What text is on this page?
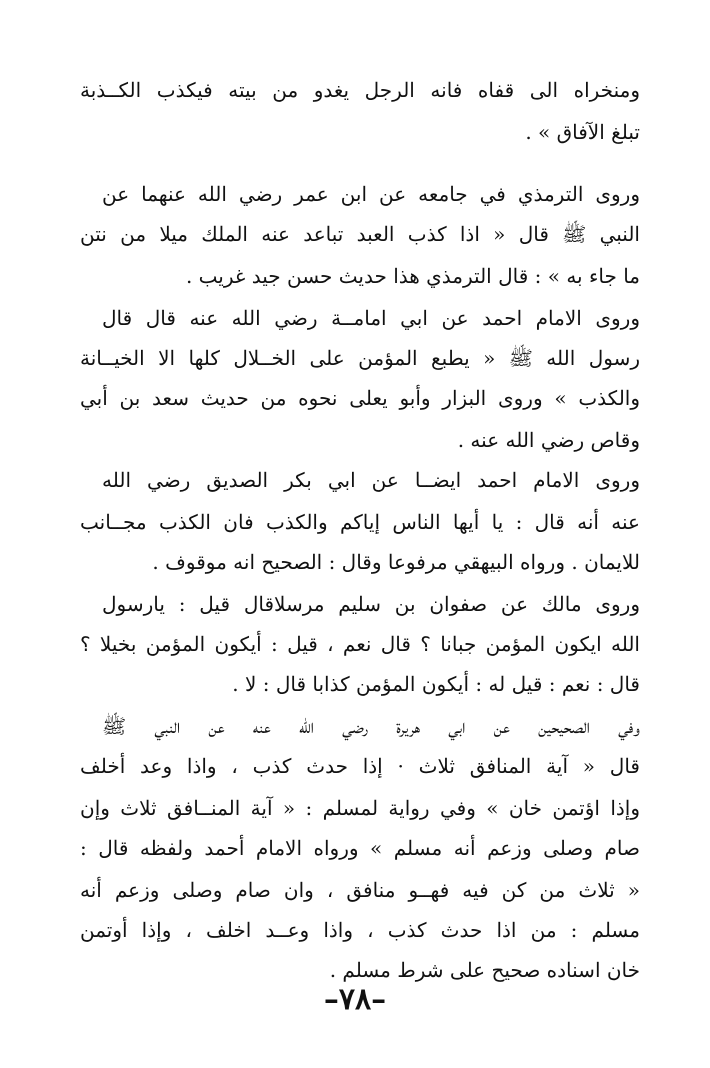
ومنخراه الى قفاه فانه الرجل يغدو من بيته فيكذب الكــذبة
تبلغ الآفاق » .
وروى الترمذي في جامعه عن ابن عمر رضي الله عنهما عن
النبي ﷺ قال « اذا كذب العبد تباعد عنه الملك ميلا من نتن
ما جاء به » : قال الترمذي هذا حديث حسن جيد غريب .
وروى الامام احمد عن ابي امامــة رضي الله عنه قال قال
رسول الله ﷺ « يطبع المؤمن على الخــلال كلها الا الخيــانة
والكذب » وروى البزار وأبو يعلى نحوه من حديث سعد بن أبي
وقاص رضي الله عنه .
وروى الامام احمد ايضــا عن ابي بكر الصديق رضي الله
عنه أنه قال : يا أيها الناس إياكم والكذب فان الكذب مجــانب
للايمان . ورواه البيهقي مرفوعا وقال : الصحيح انه موقوف .
وروى مالك عن صفوان بن سليم مرسلاقال قيل : يارسول
الله ايكون المؤمن جبانا ؟ قال نعم ، قيل : أيكون المؤمن بخيلا ؟
قال : نعم : قيل له : أيكون المؤمن كذابا قال : لا .
وفي الصحيحين عن ابي هريرة رضي الله عنه عن النبي ﷺ
قال « آية المنافق ثلاث · إذا حدث كذب ، واذا وعد أخلف
وإذا اؤتمن خان » وفي رواية لمسلم : « آية المنــافق ثلاث وإن
صام وصلى وزعم أنه مسلم » ورواه الامام أحمد ولفظه قال :
« ثلاث من كن فيه فهــو منافق ، وان صام وصلى وزعم أنه
مسلم : من اذا حدث كذب ، واذا وعــد اخلف ، وإذا أوتمن
خان اسناده صحيح على شرط مسلم .
–٧٨–
